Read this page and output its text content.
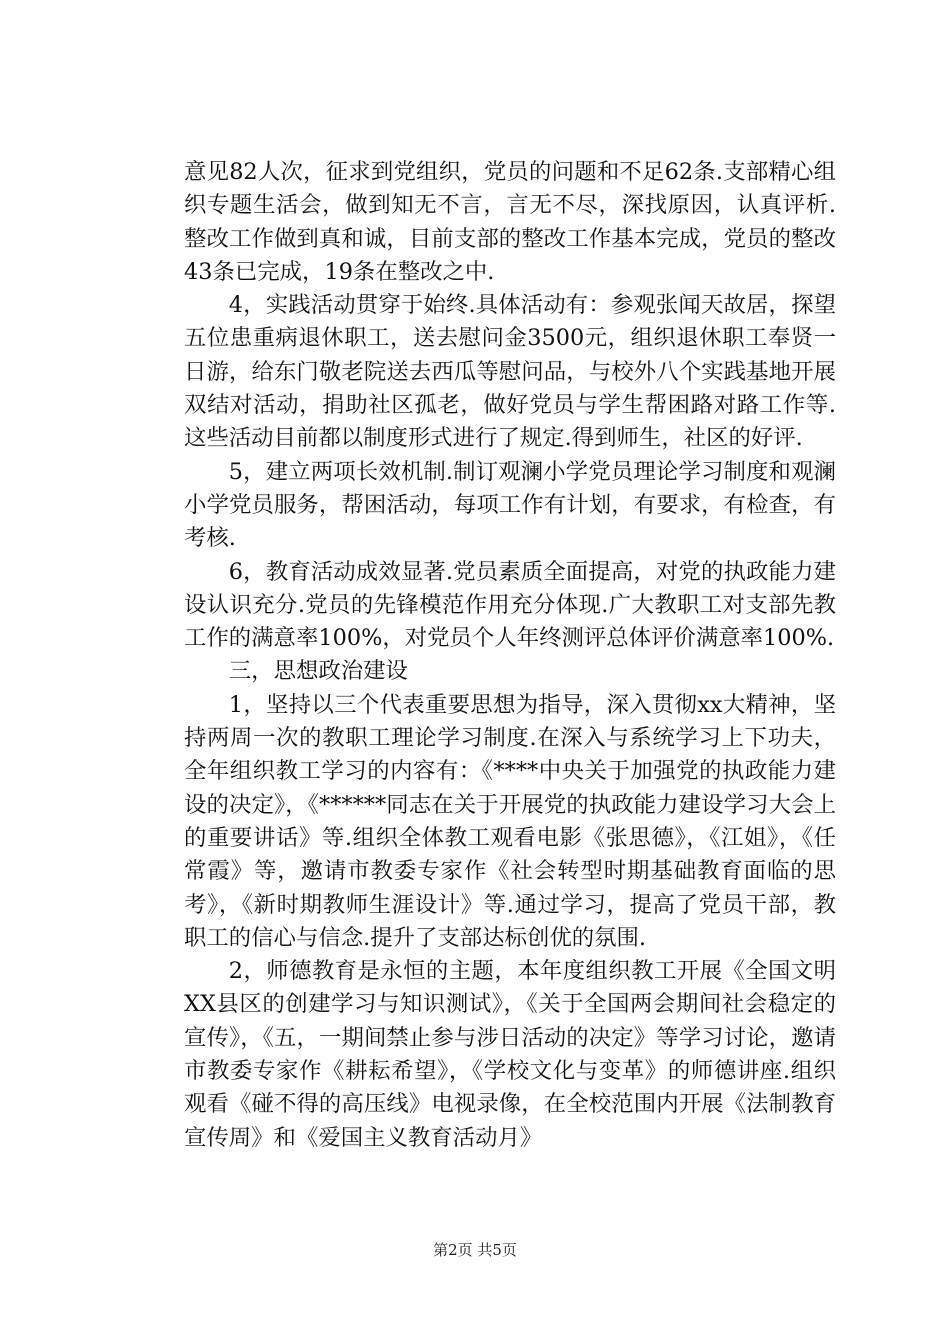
意见82人次，征求到党组织，党员的问题和不足62条.支部精心组织专题生活会，做到知无不言，言无不尽，深找原因，认真评析.整改工作做到真和诚，目前支部的整改工作基本完成，党员的整改43条已完成，19条在整改之中.

4，实践活动贯穿于始终.具体活动有：参观张闻天故居，探望五位患重病退休职工，送去慰问金3500元，组织退休职工奉贤一日游，给东门敬老院送去西瓜等慰问品，与校外八个实践基地开展双结对活动，捐助社区孤老，做好党员与学生帮困路对路工作等.这些活动目前都以制度形式进行了规定.得到师生，社区的好评.

5，建立两项长效机制.制订观澜小学党员理论学习制度和观澜小学党员服务，帮困活动，每项工作有计划，有要求，有检查，有考核.

6，教育活动成效显著.党员素质全面提高，对党的执政能力建设认识充分.党员的先锋模范作用充分体现.广大教职工对支部先教工作的满意率100%，对党员个人年终测评总体评价满意率100%.

三，思想政治建设

1，坚持以三个代表重要思想为指导，深入贯彻xx大精神，坚持两周一次的教职工理论学习制度.在深入与系统学习上下功夫，全年组织教工学习的内容有：《****中央关于加强党的执政能力建设的决定》，《******同志在关于开展党的执政能力建设学习大会上的重要讲话》等.组织全体教工观看电影《张思德》，《江姐》，《任常霞》等，邀请市教委专家作《社会转型时期基础教育面临的思考》，《新时期教师生涯设计》等.通过学习，提高了党员干部，教职工的信心与信念.提升了支部达标创优的氛围.

2，师德教育是永恒的主题，本年度组织教工开展《全国文明XX县区的创建学习与知识测试》，《关于全国两会期间社会稳定的宣传》，《五，一期间禁止参与涉日活动的决定》等学习讨论，邀请市教委专家作《耕耘希望》，《学校文化与变革》的师德讲座.组织观看《碰不得的高压线》电视录像，在全校范围内开展《法制教育宣传周》和《爱国主义教育活动月》

第2页 共5页
